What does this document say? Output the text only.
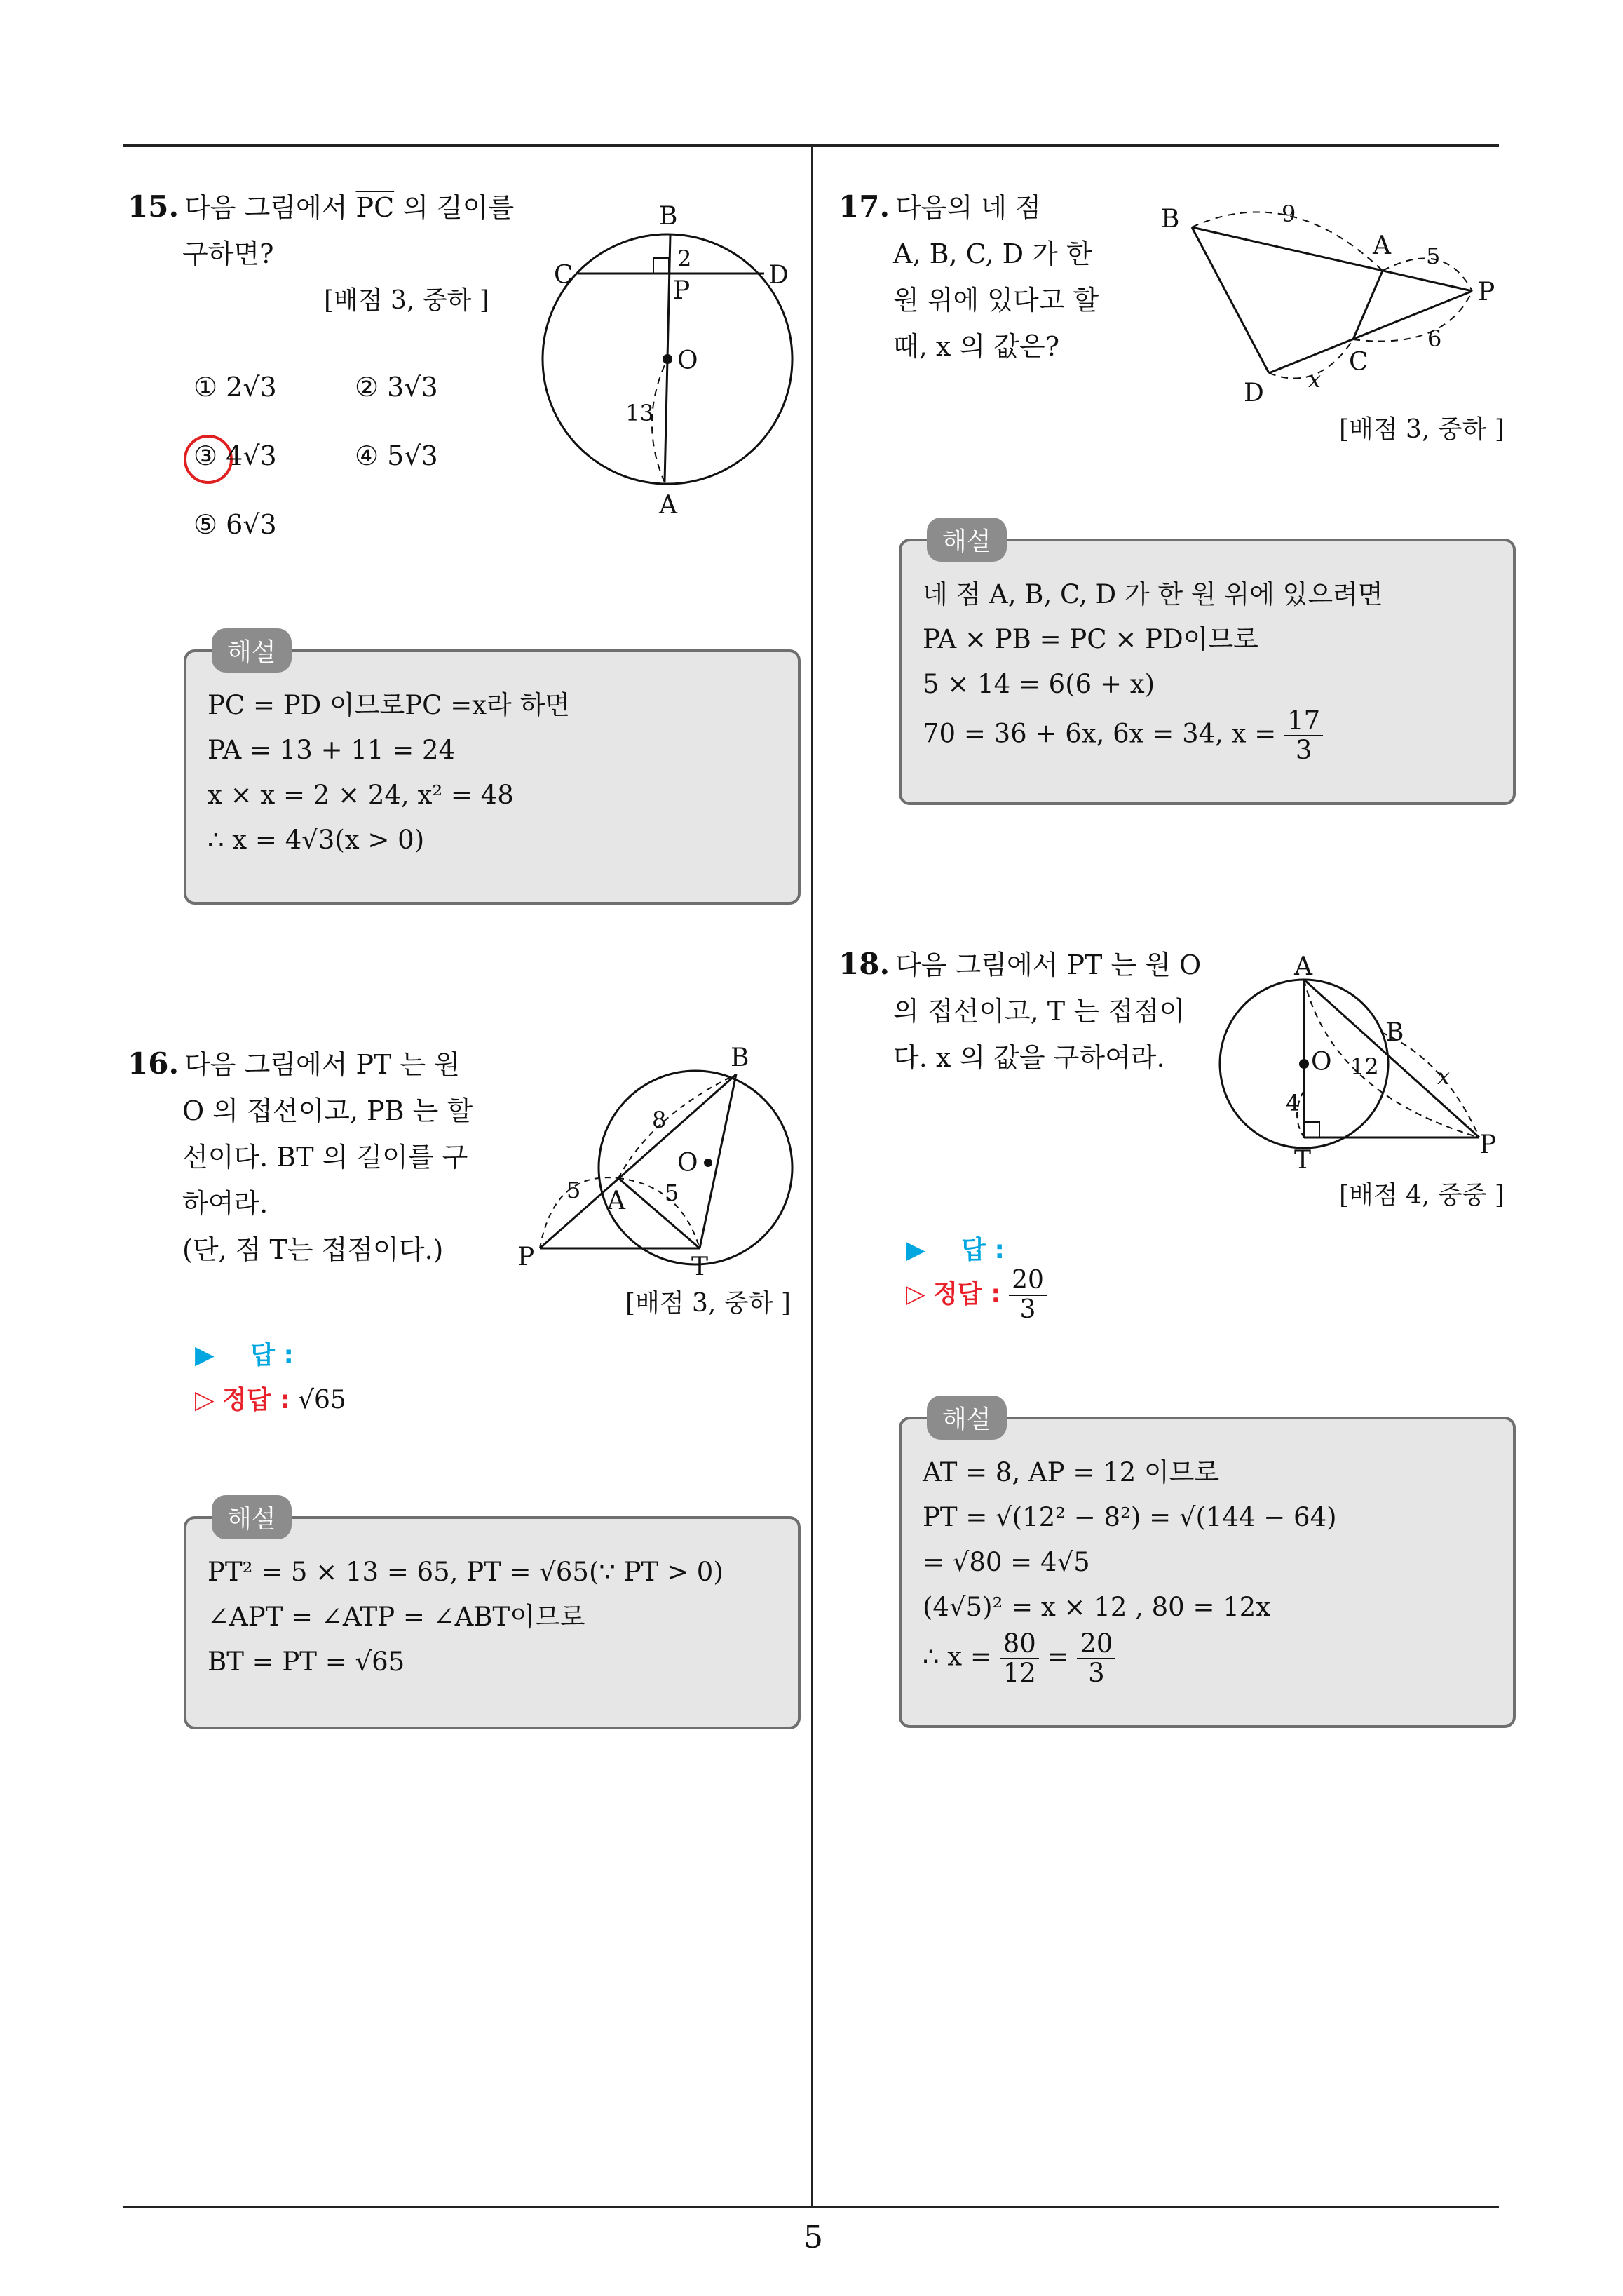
5

15. 다음 그림에서 $\overline{PC}$ 의 길이를

구하면?

[배점 3, 중하 ]
① 2√3	② 3√3
③ 4√3	④ 5√3
⑤ 6√3
B
C	D
P
O
A
2
13
해설
PC = PD 이므로PC =x라 하면
PA = 13 + 11 = 24
x × x = 2 × 24, x² = 48
∴ x = 4√3(x > 0)

16. 다음 그림에서 PT 는 원

O 의 접선이고, PB 는 할

선이다. BT 의 길이를 구

하여라.

(단, 점 T는 접점이다.)

B
O
A
P	T
8
5	5
[배점 3, 중하 ]
▶ 답 :
▷ 정답 : √65
해설
PT² = 5 × 13 = 65, PT = √65(∵ PT > 0)
∠APT = ∠ATP = ∠ABT이므로
BT = PT = √65

17. 다음의 네 점

A, B, C, D 가 한

원 위에 있다고 할

때, x 의 값은?

B
A
P
C
D
9
5
6
x
[배점 3, 중하 ]
해설
네 점 A, B, C, D 가 한 원 위에 있으려면
PA × PB = PC × PD이므로
5 × 14 = 6(6 + x)
70 = 36 + 6x, 6x = 34, $x = \frac{17}{3}$

18. 다음 그림에서 PT 는 원 O

의 접선이고, T 는 접점이

다. x 의 값을 구하여라.

A
O
B
T
P
12
4
x
[배점 4, 중중 ]
▶ 답 :
▷ 정답 : $\frac{20}{3}$
해설
AT = 8, AP = 12 이므로
PT = √(12² − 8²) = √(144 − 64)
= √80 = 4√5
(4√5)² = x × 12 , 80 = 12x
∴ $x = \frac{80}{12} = \frac{20}{3}$
